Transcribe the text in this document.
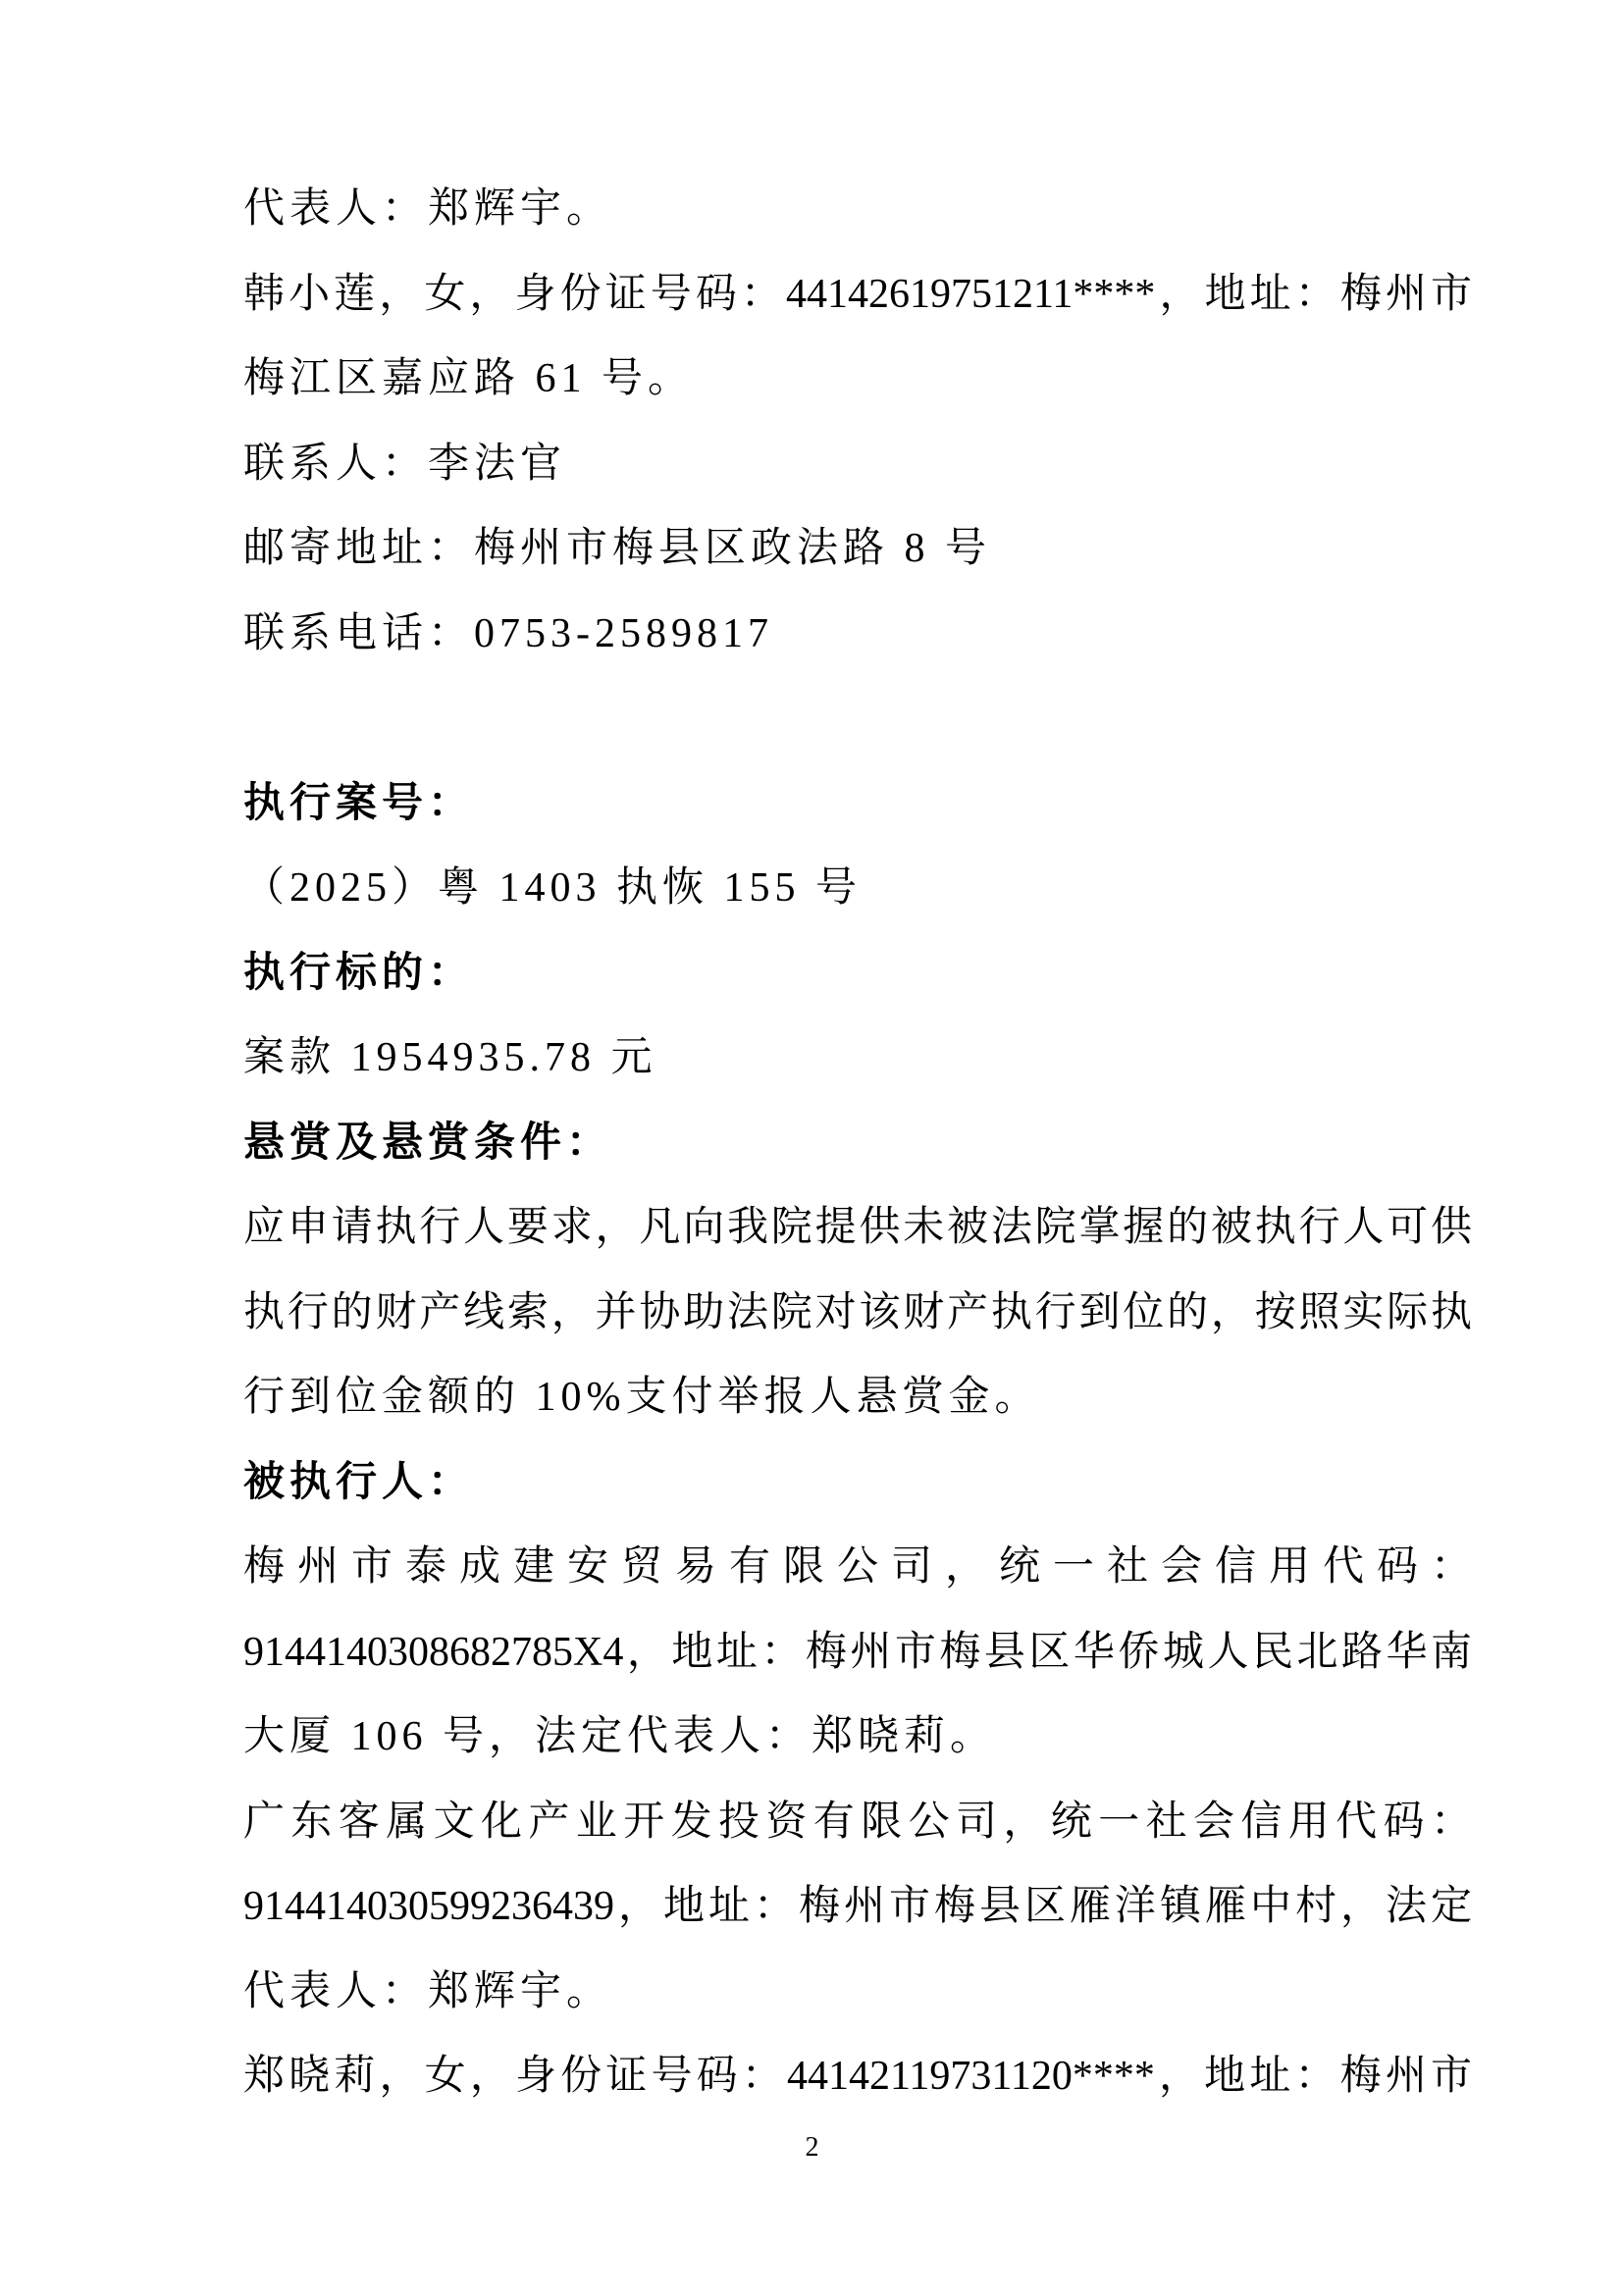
代表人：郑辉宇。
韩小莲，女，身份证号码：44142619751211****，地址：梅州市
梅江区嘉应路 61 号。
联系人：李法官
邮寄地址：梅州市梅县区政法路 8 号
联系电话：0753-2589817
执行案号：
（2025）粤 1403 执恢 155 号
执行标的：
案款 1954935.78 元
悬赏及悬赏条件：
应申请执行人要求，凡向我院提供未被法院掌握的被执行人可供
执行的财产线索，并协助法院对该财产执行到位的，按照实际执
行到位金额的 10%支付举报人悬赏金。
被执行人：
梅州市泰成建安贸易有限公司，统一社会信用代码：
9144140308682785X4，地址：梅州市梅县区华侨城人民北路华南
大厦 106 号，法定代表人：郑晓莉。
广东客属文化产业开发投资有限公司，统一社会信用代码：
914414030599236439，地址：梅州市梅县区雁洋镇雁中村，法定
代表人：郑辉宇。
郑晓莉，女，身份证号码：44142119731120****，地址：梅州市
2
